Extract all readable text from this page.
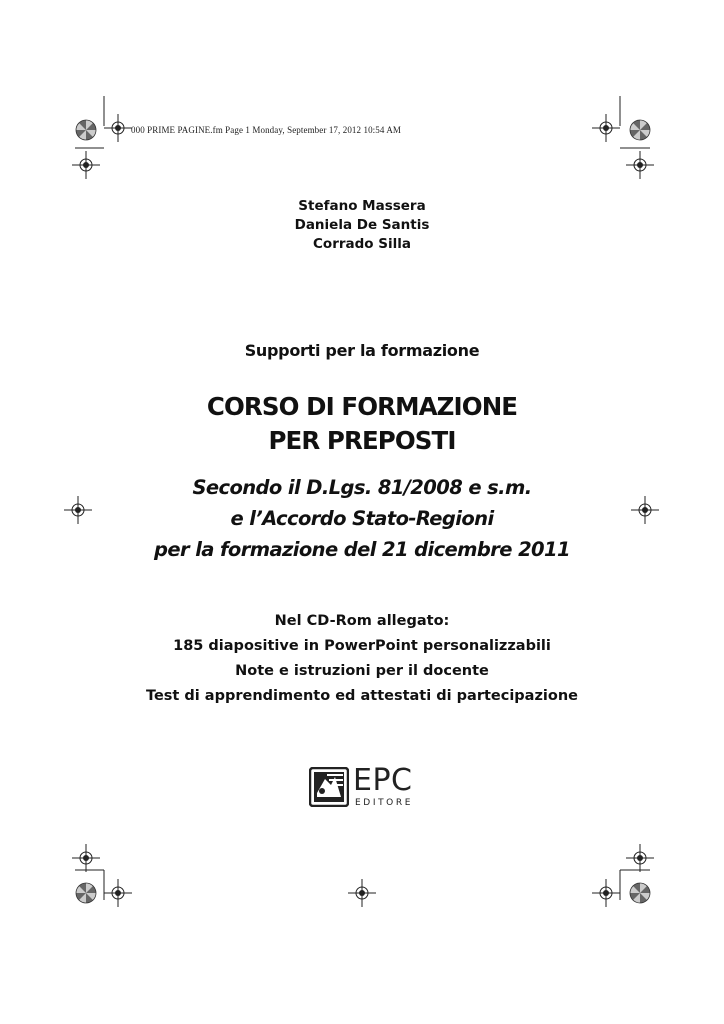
000 PRIME PAGINE.fm Page 1 Monday, September 17, 2012 10:54 AM
Stefano Massera
Daniela De Santis
Corrado Silla
Supporti per la formazione
CORSO DI FORMAZIONE
PER PREPOSTI
Secondo il D.Lgs. 81/2008 e s.m.
e l’Accordo Stato-Regioni
per la formazione del 21 dicembre 2011
Nel CD-Rom allegato:
185 diapositive in PowerPoint personalizzabili
Note e istruzioni per il docente
Test di apprendimento ed attestati di partecipazione
EPC
EDITORE
